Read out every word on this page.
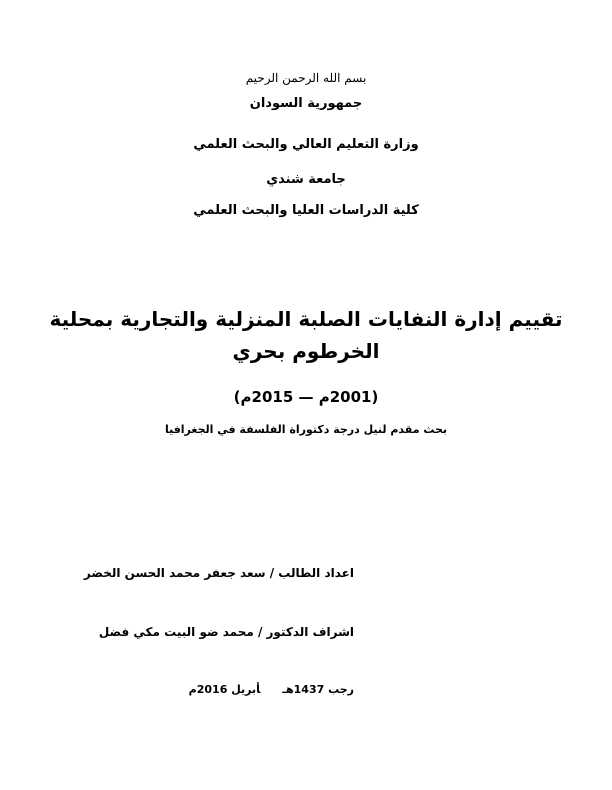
بسم الله الرحمن الرحيم
جمهورية السودان
وزارة التعليم العالي والبحث العلمي
جامعة شندي
كلية الدراسات العليا والبحث العلمي
تقييم إدارة النفايات الصلبة المنزلية والتجارية بمحلية
الخرطوم بحري
(2001م — 2015م)
بحث مقدم لنيل درجة دكتوراة الفلسفة في الجغرافيا
اعداد الطالب / سعد جعفر محمد الحسن الخضر
اشراف الدكتور / محمد ضو البيت مكي فضل
رجب 1437هـأبريل 2016م
